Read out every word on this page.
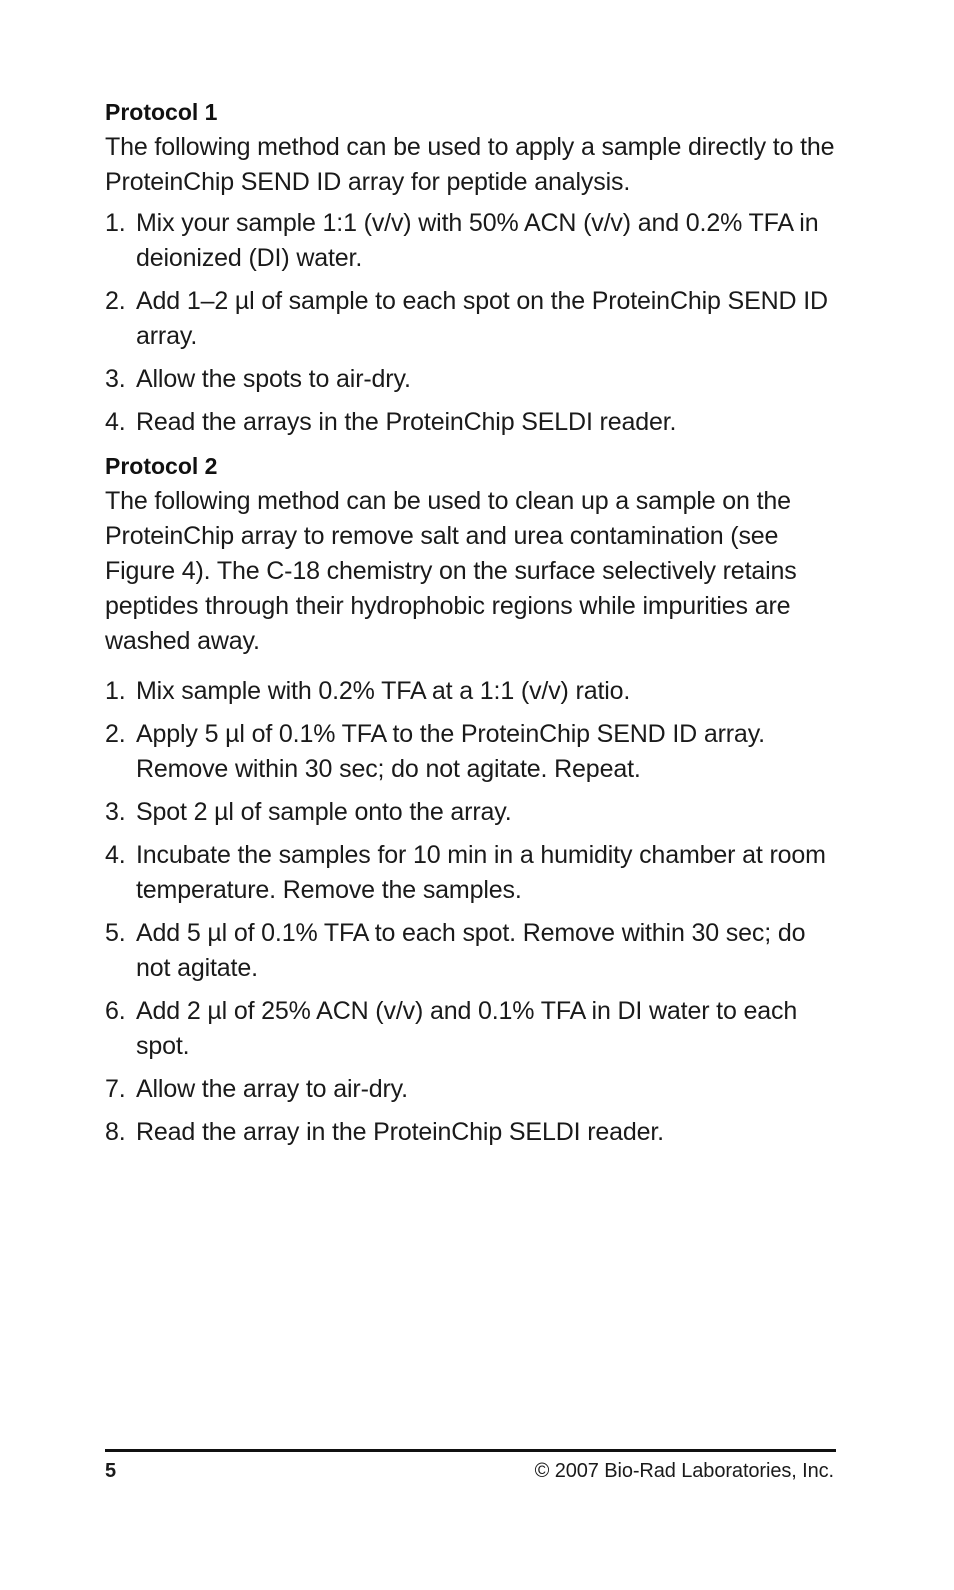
Protocol 1

The following method can be used to apply a sample directly to the ProteinChip SEND ID array for peptide analysis.

1. Mix your sample 1:1 (v/v) with 50% ACN (v/v) and 0.2% TFA in deionized (DI) water.
2. Add 1–2 µl of sample to each spot on the ProteinChip SEND ID array.
3. Allow the spots to air-dry.
4. Read the arrays in the ProteinChip SELDI reader.
Protocol 2

The following method can be used to clean up a sample on the ProteinChip array to remove salt and urea contamination (see Figure 4). The C-18 chemistry on the surface selectively retains peptides through their hydrophobic regions while impurities are washed away.

1. Mix sample with 0.2% TFA at a 1:1 (v/v) ratio.
2. Apply 5 µl of 0.1% TFA to the ProteinChip SEND ID array. Remove within 30 sec; do not agitate. Repeat.
3. Spot 2 µl of sample onto the array.
4. Incubate the samples for 10 min in a humidity chamber at room temperature. Remove the samples.
5. Add 5 µl of 0.1% TFA to each spot. Remove within 30 sec; do not agitate.
6. Add 2 µl of 25% ACN (v/v) and 0.1% TFA in DI water to each spot.
7. Allow the array to air-dry.
8. Read the array in the ProteinChip SELDI reader.
5	© 2007 Bio-Rad Laboratories, Inc.
